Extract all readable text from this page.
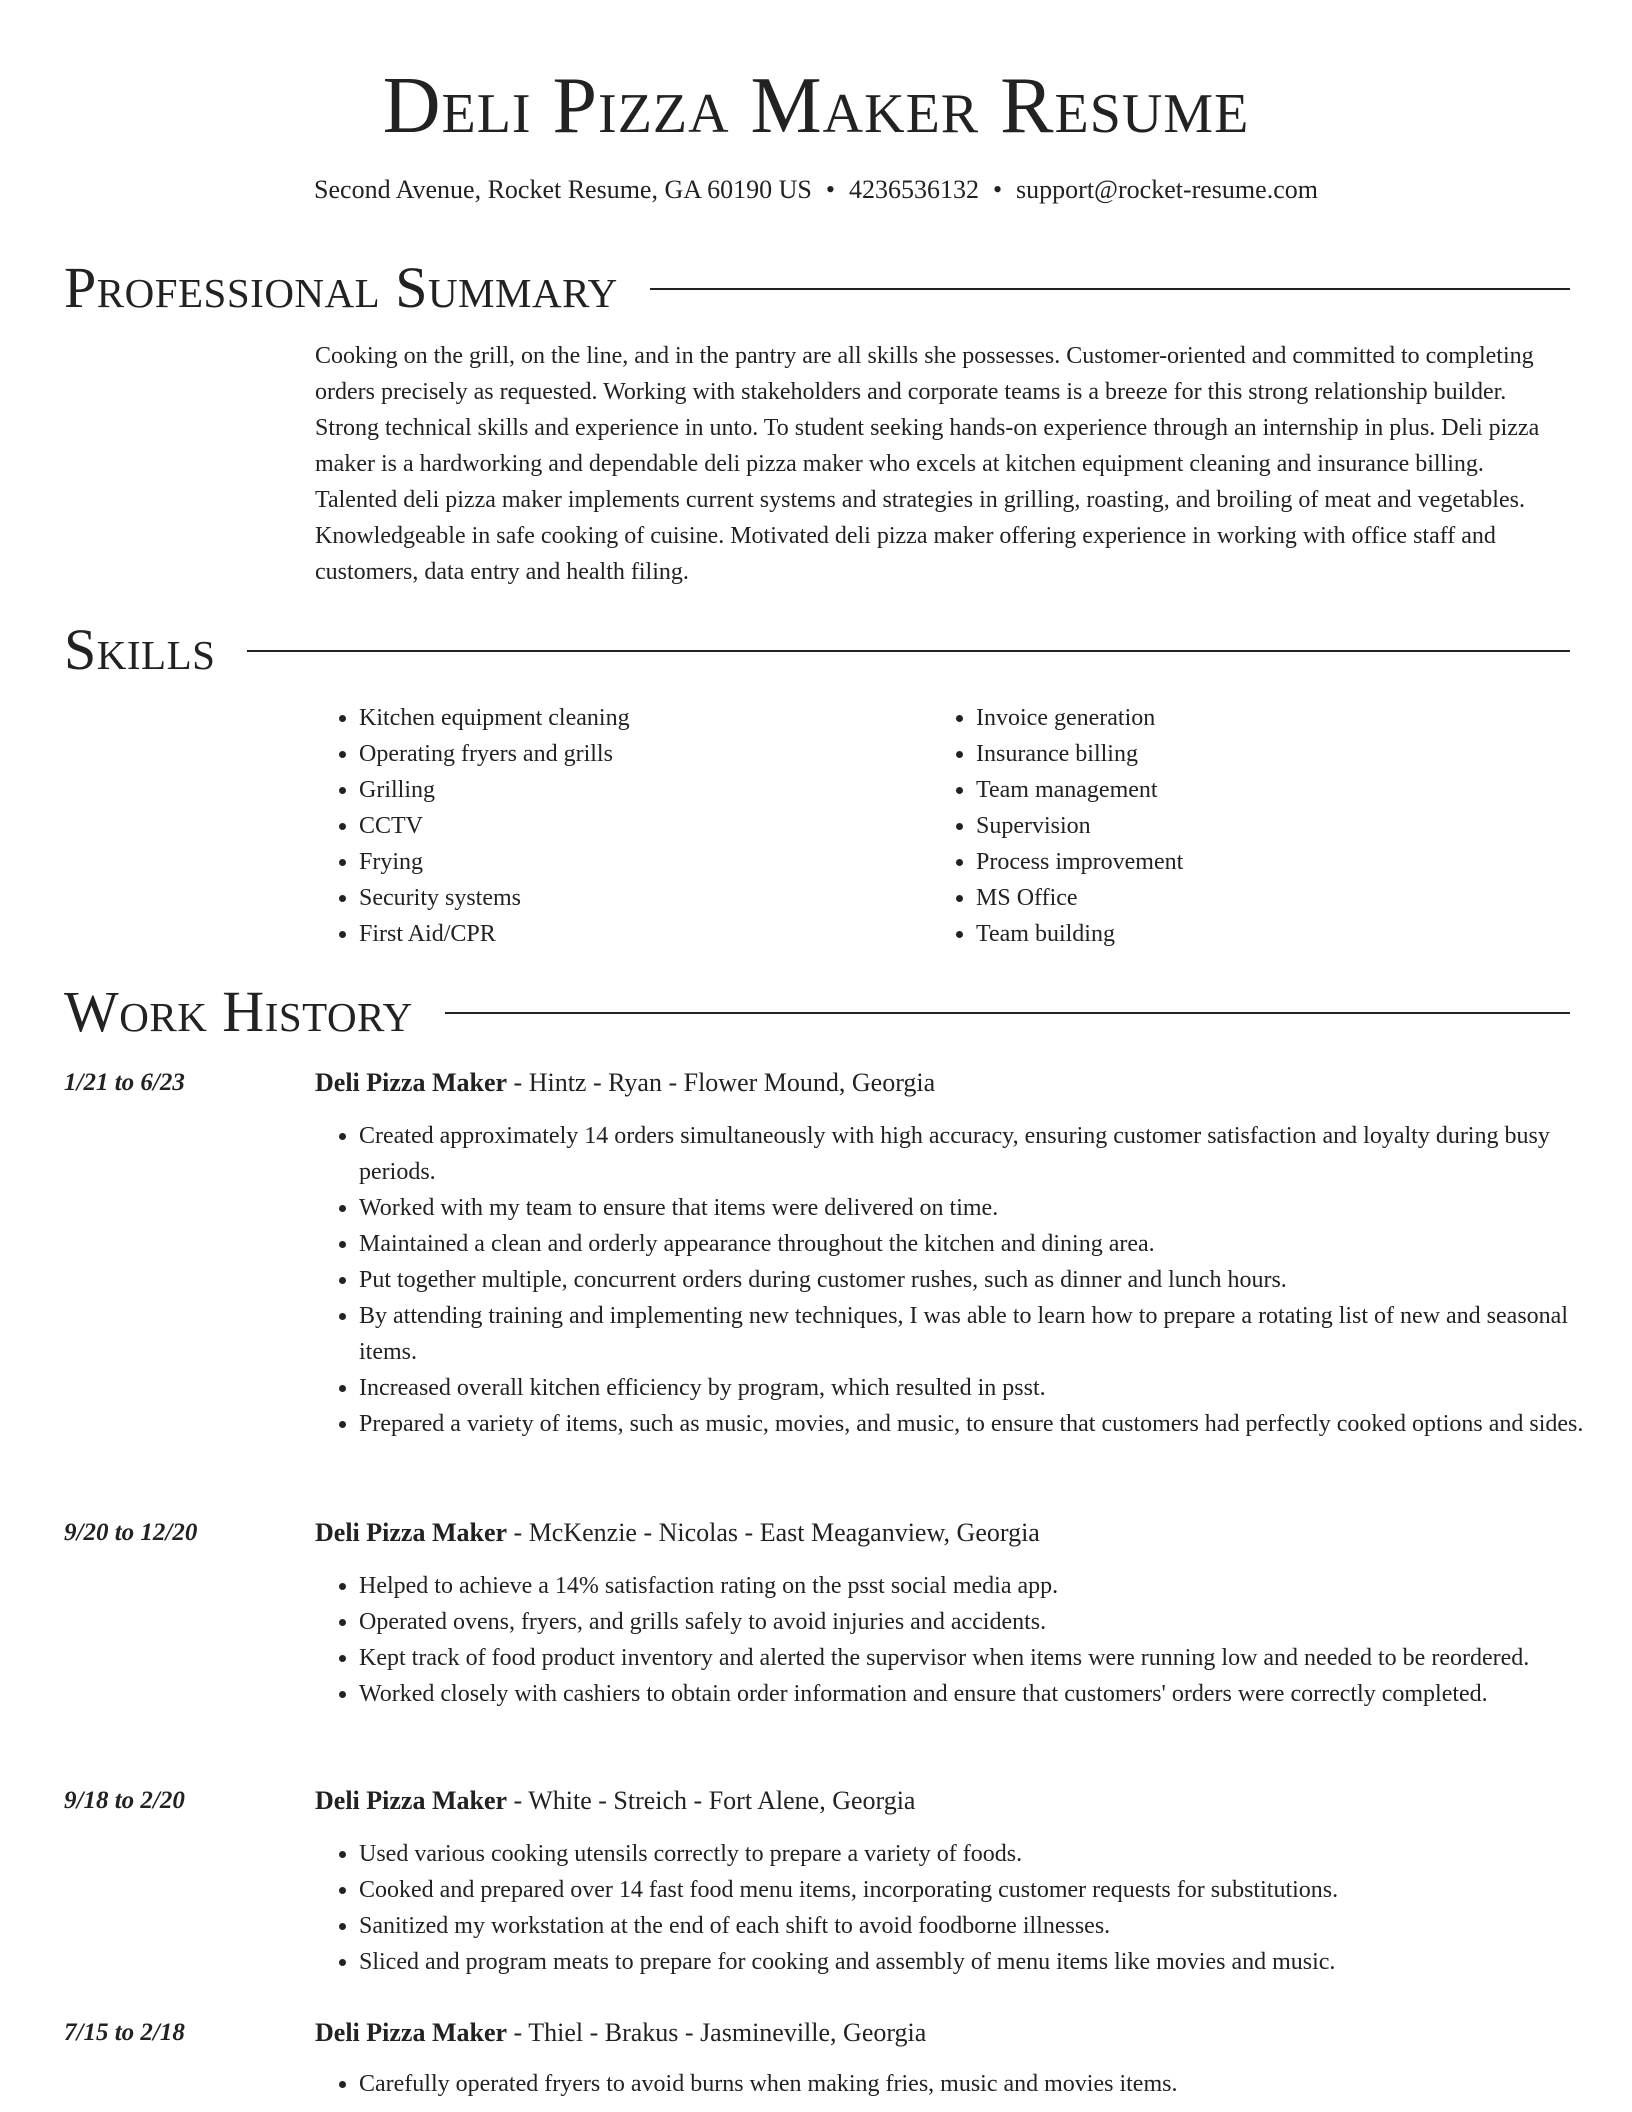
Deli Pizza Maker Resume
Second Avenue, Rocket Resume, GA 60190 US • 4236536132 • support@rocket-resume.com
Professional Summary

Cooking on the grill, on the line, and in the pantry are all skills she possesses. Customer-oriented and committed to completing orders precisely as requested. Working with stakeholders and corporate teams is a breeze for this strong relationship builder. Strong technical skills and experience in unto. To student seeking hands-on experience through an internship in plus. Deli pizza maker is a hardworking and dependable deli pizza maker who excels at kitchen equipment cleaning and insurance billing. Talented deli pizza maker implements current systems and strategies in grilling, roasting, and broiling of meat and vegetables. Knowledgeable in safe cooking of cuisine. Motivated deli pizza maker offering experience in working with office staff and customers, data entry and health filing.

Skills
• Kitchen equipment cleaning
• Operating fryers and grills
• Grilling
• CCTV
• Frying
• Security systems
• First Aid/CPR
• Invoice generation
• Insurance billing
• Team management
• Supervision
• Process improvement
• MS Office
• Team building
Work History
1/21 to 6/23	Deli Pizza Maker - Hintz - Ryan - Flower Mound, Georgia
• Created approximately 14 orders simultaneously with high accuracy, ensuring customer satisfaction and loyalty during busy periods.
• Worked with my team to ensure that items were delivered on time.
• Maintained a clean and orderly appearance throughout the kitchen and dining area.
• Put together multiple, concurrent orders during customer rushes, such as dinner and lunch hours.
• By attending training and implementing new techniques, I was able to learn how to prepare a rotating list of new and seasonal items.
• Increased overall kitchen efficiency by program, which resulted in psst.
• Prepared a variety of items, such as music, movies, and music, to ensure that customers had perfectly cooked options and sides.
9/20 to 12/20	Deli Pizza Maker - McKenzie - Nicolas - East Meaganview, Georgia
• Helped to achieve a 14% satisfaction rating on the psst social media app.
• Operated ovens, fryers, and grills safely to avoid injuries and accidents.
• Kept track of food product inventory and alerted the supervisor when items were running low and needed to be reordered.
• Worked closely with cashiers to obtain order information and ensure that customers' orders were correctly completed.
9/18 to 2/20	Deli Pizza Maker - White - Streich - Fort Alene, Georgia
• Used various cooking utensils correctly to prepare a variety of foods.
• Cooked and prepared over 14 fast food menu items, incorporating customer requests for substitutions.
• Sanitized my workstation at the end of each shift to avoid foodborne illnesses.
• Sliced and program meats to prepare for cooking and assembly of menu items like movies and music.
7/15 to 2/18	Deli Pizza Maker - Thiel - Brakus - Jasmineville, Georgia
• Carefully operated fryers to avoid burns when making fries, music and movies items.
